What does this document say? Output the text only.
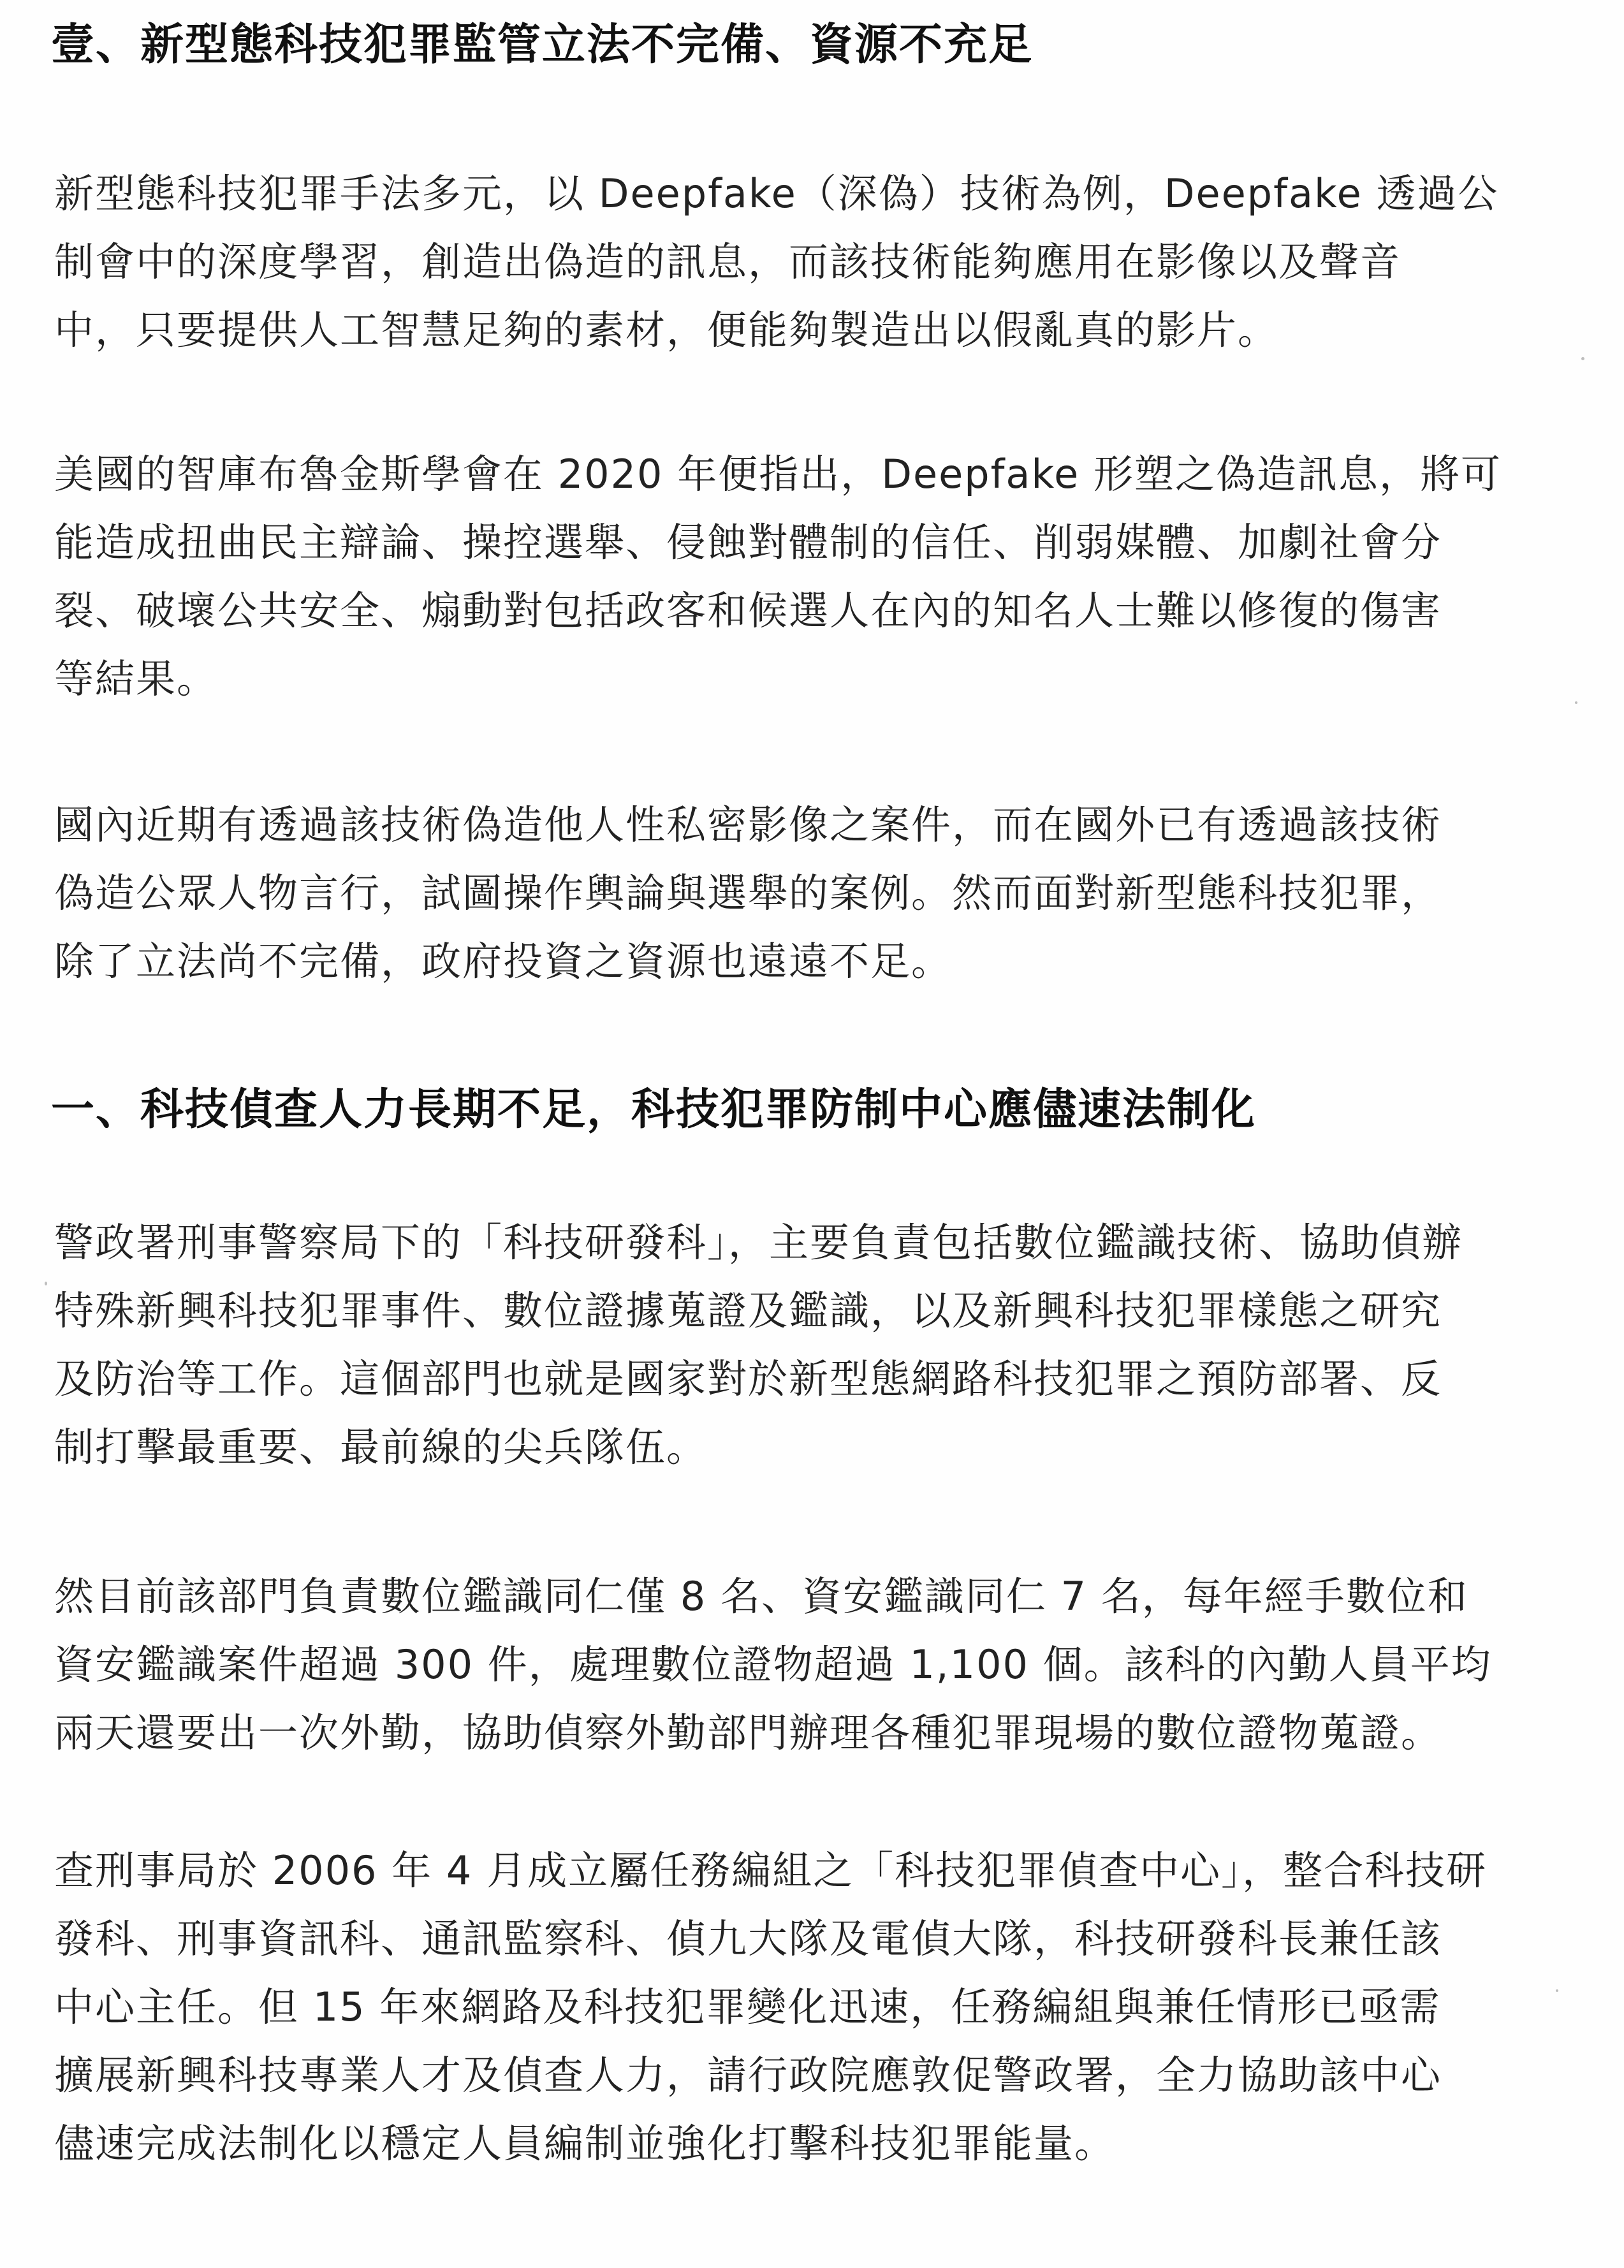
壹、新型態科技犯罪監管立法不完備、資源不充足
新型態科技犯罪手法多元，以 Deepfake（深偽）技術為例，Deepfake 透過公
制會中的深度學習，創造出偽造的訊息，而該技術能夠應用在影像以及聲音
中，只要提供人工智慧足夠的素材，便能夠製造出以假亂真的影片。
美國的智庫布魯金斯學會在 2020 年便指出，Deepfake 形塑之偽造訊息，將可
能造成扭曲民主辯論、操控選舉、侵蝕對體制的信任、削弱媒體、加劇社會分
裂、破壞公共安全、煽動對包括政客和候選人在內的知名人士難以修復的傷害
等結果。
國內近期有透過該技術偽造他人性私密影像之案件，而在國外已有透過該技術
偽造公眾人物言行，試圖操作輿論與選舉的案例。然而面對新型態科技犯罪，
除了立法尚不完備，政府投資之資源也遠遠不足。
一、科技偵查人力長期不足，科技犯罪防制中心應儘速法制化
警政署刑事警察局下的「科技研發科」，主要負責包括數位鑑識技術、協助偵辦
特殊新興科技犯罪事件、數位證據蒐證及鑑識，以及新興科技犯罪樣態之研究
及防治等工作。這個部門也就是國家對於新型態網路科技犯罪之預防部署、反
制打擊最重要、最前線的尖兵隊伍。
然目前該部門負責數位鑑識同仁僅 8 名、資安鑑識同仁 7 名，每年經手數位和
資安鑑識案件超過 300 件，處理數位證物超過 1,100 個。該科的內勤人員平均
兩天還要出一次外勤，協助偵察外勤部門辦理各種犯罪現場的數位證物蒐證。
查刑事局於 2006 年 4 月成立屬任務編組之「科技犯罪偵查中心」，整合科技研
發科、刑事資訊科、通訊監察科、偵九大隊及電偵大隊，科技研發科長兼任該
中心主任。但 15 年來網路及科技犯罪變化迅速，任務編組與兼任情形已亟需
擴展新興科技專業人才及偵查人力，請行政院應敦促警政署，全力協助該中心
儘速完成法制化以穩定人員編制並強化打擊科技犯罪能量。
